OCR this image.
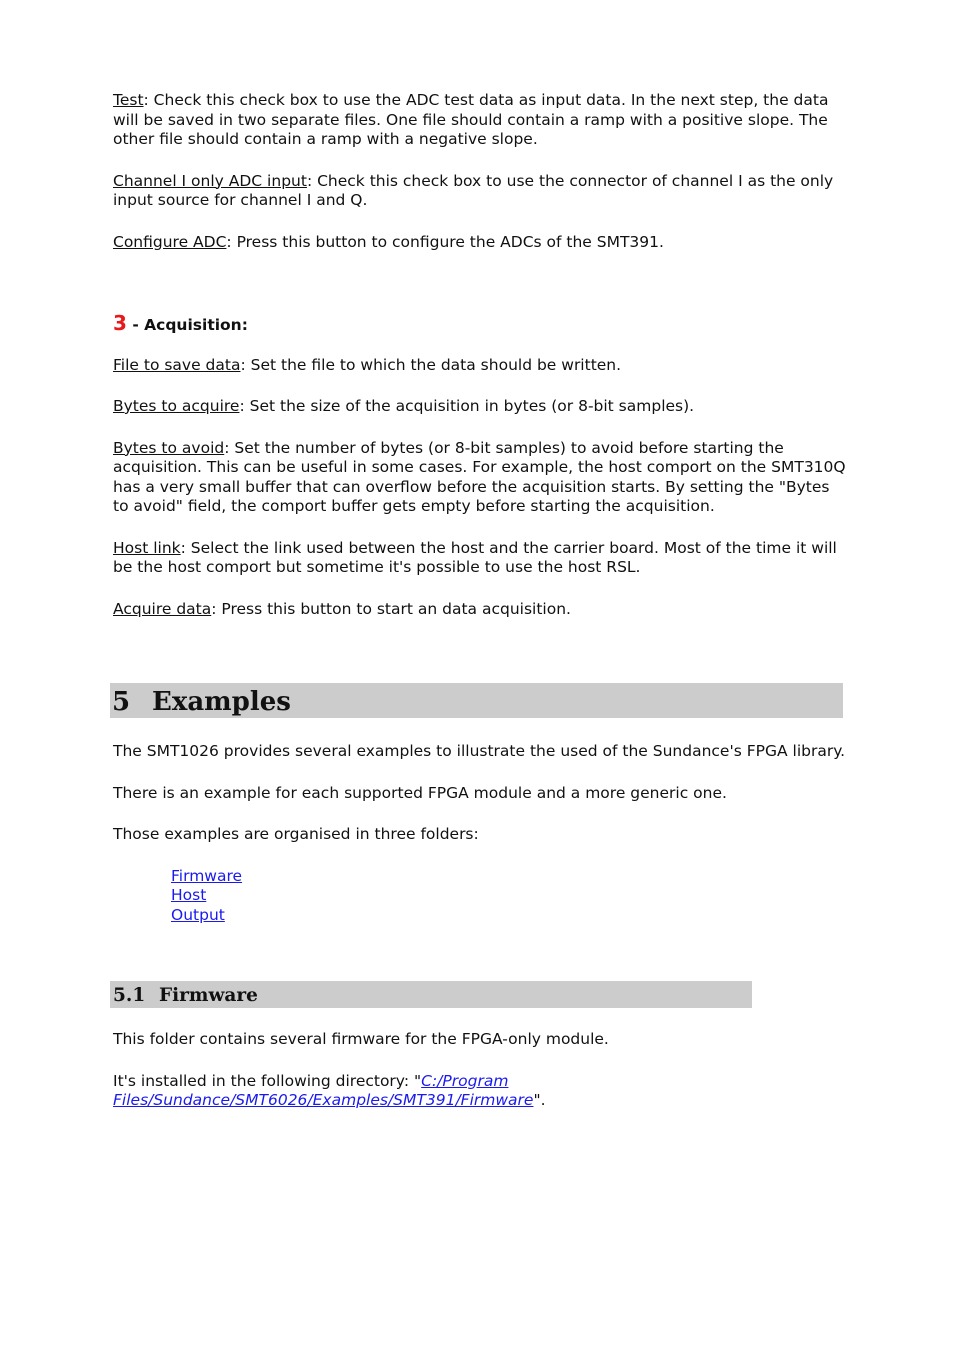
Test: Check this check box to use the ADC test data as input data. In the next step, the data will be saved in two separate files. One file should contain a ramp with a positive slope. The other file should contain a ramp with a negative slope.

Channel I only ADC input: Check this check box to use the connector of channel I as the only input source for channel I and Q.

Configure ADC: Press this button to configure the ADCs of the SMT391.

3 - Acquisition:

File to save data: Set the file to which the data should be written.

Bytes to acquire: Set the size of the acquisition in bytes (or 8-bit samples).

Bytes to avoid: Set the number of bytes (or 8-bit samples) to avoid before starting the acquisition. This can be useful in some cases. For example, the host comport on the SMT310Q has a very small buffer that can overflow before the acquisition starts. By setting the "Bytes to avoid" field, the comport buffer gets empty before starting the acquisition.

Host link: Select the link used between the host and the carrier board. Most of the time it will be the host comport but sometime it's possible to use the host RSL.

Acquire data: Press this button to start an data acquisition.

5 Examples

The SMT1026 provides several examples to illustrate the used of the Sundance's FPGA library.

There is an example for each supported FPGA module and a more generic one.

Those examples are organised in three folders:

Firmware
Host
Output
5.1 Firmware

This folder contains several firmware for the FPGA-only module.

It's installed in the following directory: "C:/Program Files/Sundance/SMT6026/Examples/SMT391/Firmware".
